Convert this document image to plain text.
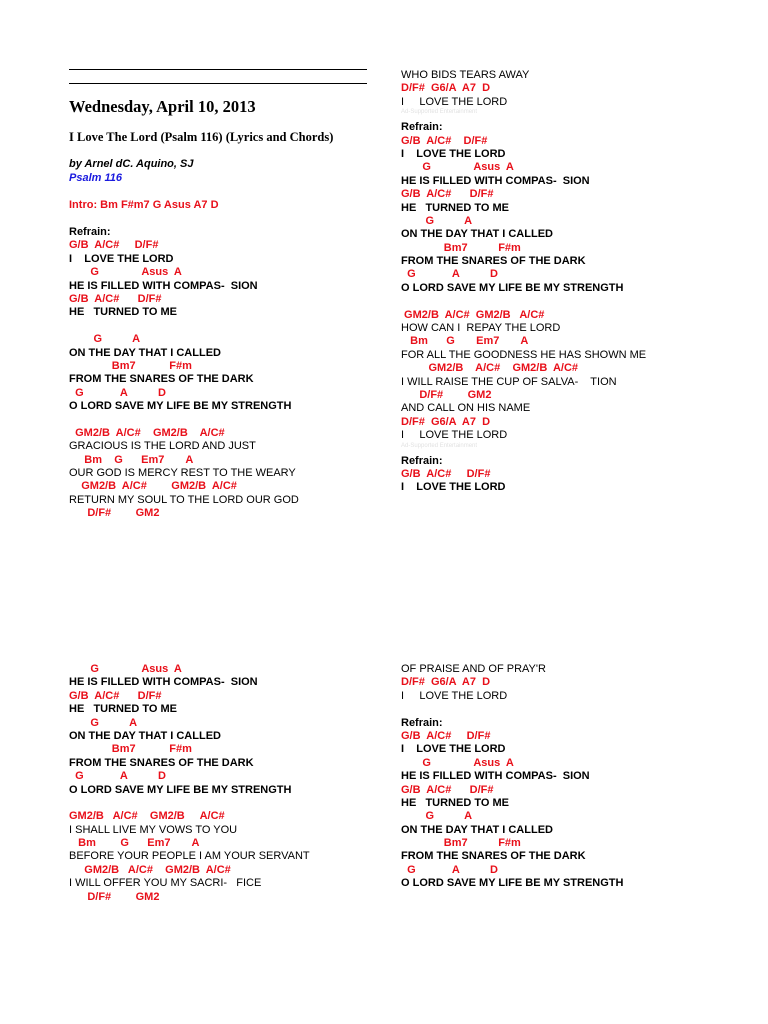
Wednesday, April 10, 2013
I Love The Lord (Psalm 116) (Lyrics and Chords)
by Arnel dC. Aquino, SJ
Psalm 116
Intro: Bm F#m7 G Asus A7 D
Refrain:
G/B  A/C#     D/F#
I    LOVE THE LORD
G              Asus  A
HE IS FILLED WITH COMPAS-  SION
G/B  A/C#      D/F#
HE   TURNED TO ME
G          A
ON THE DAY THAT I CALLED
Bm7           F#m
FROM THE SNARES OF THE DARK
G            A          D
O LORD SAVE MY LIFE BE MY STRENGTH
GM2/B  A/C#    GM2/B    A/C#
GRACIOUS IS THE LORD AND JUST
Bm    G      Em7       A
OUR GOD IS MERCY REST TO THE WEARY
GM2/B  A/C#        GM2/B  A/C#
RETURN MY SOUL TO THE LORD OUR GOD
D/F#        GM2
WHO BIDS TEARS AWAY
D/F#  G6/A  A7  D
I     LOVE THE LORD
Ad-Supported Entertainment
Refrain:
G/B  A/C#    D/F#
I    LOVE THE LORD
G              Asus  A
HE IS FILLED WITH COMPAS-  SION
G/B  A/C#      D/F#
HE   TURNED TO ME
G          A
ON THE DAY THAT I CALLED
Bm7          F#m
FROM THE SNARES OF THE DARK
G            A          D
O LORD SAVE MY LIFE BE MY STRENGTH
GM2/B  A/C#  GM2/B   A/C#
HOW CAN I  REPAY THE LORD
Bm      G       Em7       A
FOR ALL THE GOODNESS HE HAS SHOWN ME
GM2/B    A/C#    GM2/B  A/C#
I WILL RAISE THE CUP OF SALVA-    TION
D/F#        GM2
AND CALL ON HIS NAME
D/F#  G6/A  A7  D
I     LOVE THE LORD
Ad-Supported Entertainment
Refrain:
G/B  A/C#     D/F#
I    LOVE THE LORD
G              Asus  A
HE IS FILLED WITH COMPAS-  SION
G/B  A/C#      D/F#
HE   TURNED TO ME
G          A
ON THE DAY THAT I CALLED
Bm7           F#m
FROM THE SNARES OF THE DARK
G            A          D
O LORD SAVE MY LIFE BE MY STRENGTH
GM2/B   A/C#    GM2/B     A/C#
I SHALL LIVE MY VOWS TO YOU
Bm        G      Em7       A
BEFORE YOUR PEOPLE I AM YOUR SERVANT
GM2/B   A/C#    GM2/B  A/C#
I WILL OFFER YOU MY SACRI-   FICE
D/F#        GM2
OF PRAISE AND OF PRAY'R
D/F#  G6/A  A7  D
I     LOVE THE LORD
Refrain:
G/B  A/C#     D/F#
I    LOVE THE LORD
G              Asus  A
HE IS FILLED WITH COMPAS-  SION
G/B  A/C#      D/F#
HE   TURNED TO ME
G          A
ON THE DAY THAT I CALLED
Bm7          F#m
FROM THE SNARES OF THE DARK
G            A          D
O LORD SAVE MY LIFE BE MY STRENGTH
